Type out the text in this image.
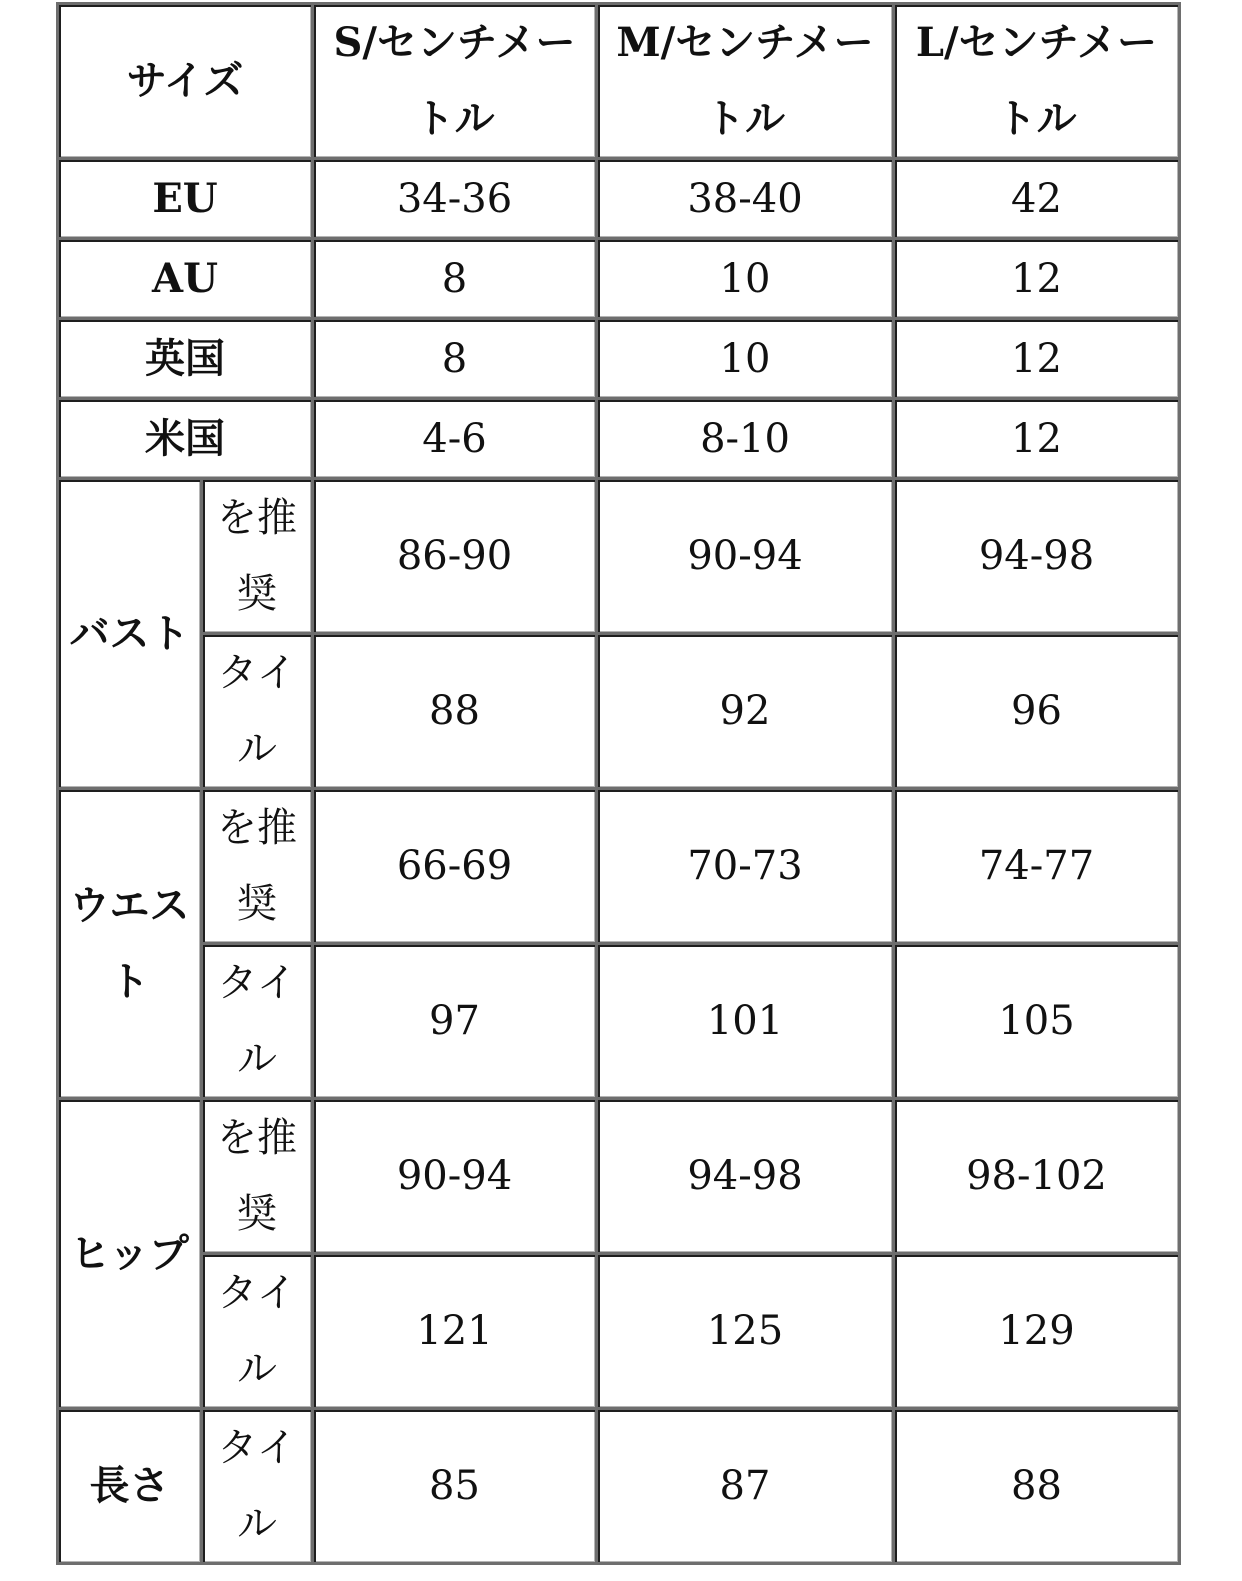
サイズ		S/センチメートル	M/センチメートル	L/センチメートル
EU		34-36	38-40	42
AU		8	10	12
英国		8	10	12
米国		4-6	8-10	12
バスト	を推奨	86-90	90-94	94-98
	タイル	88	92	96
ウエスト	を推奨	66-69	70-73	74-77
	タイル	97	101	105
ヒップ	を推奨	90-94	94-98	98-102
	タイル	121	125	129
長さ	タイル	85	87	88
